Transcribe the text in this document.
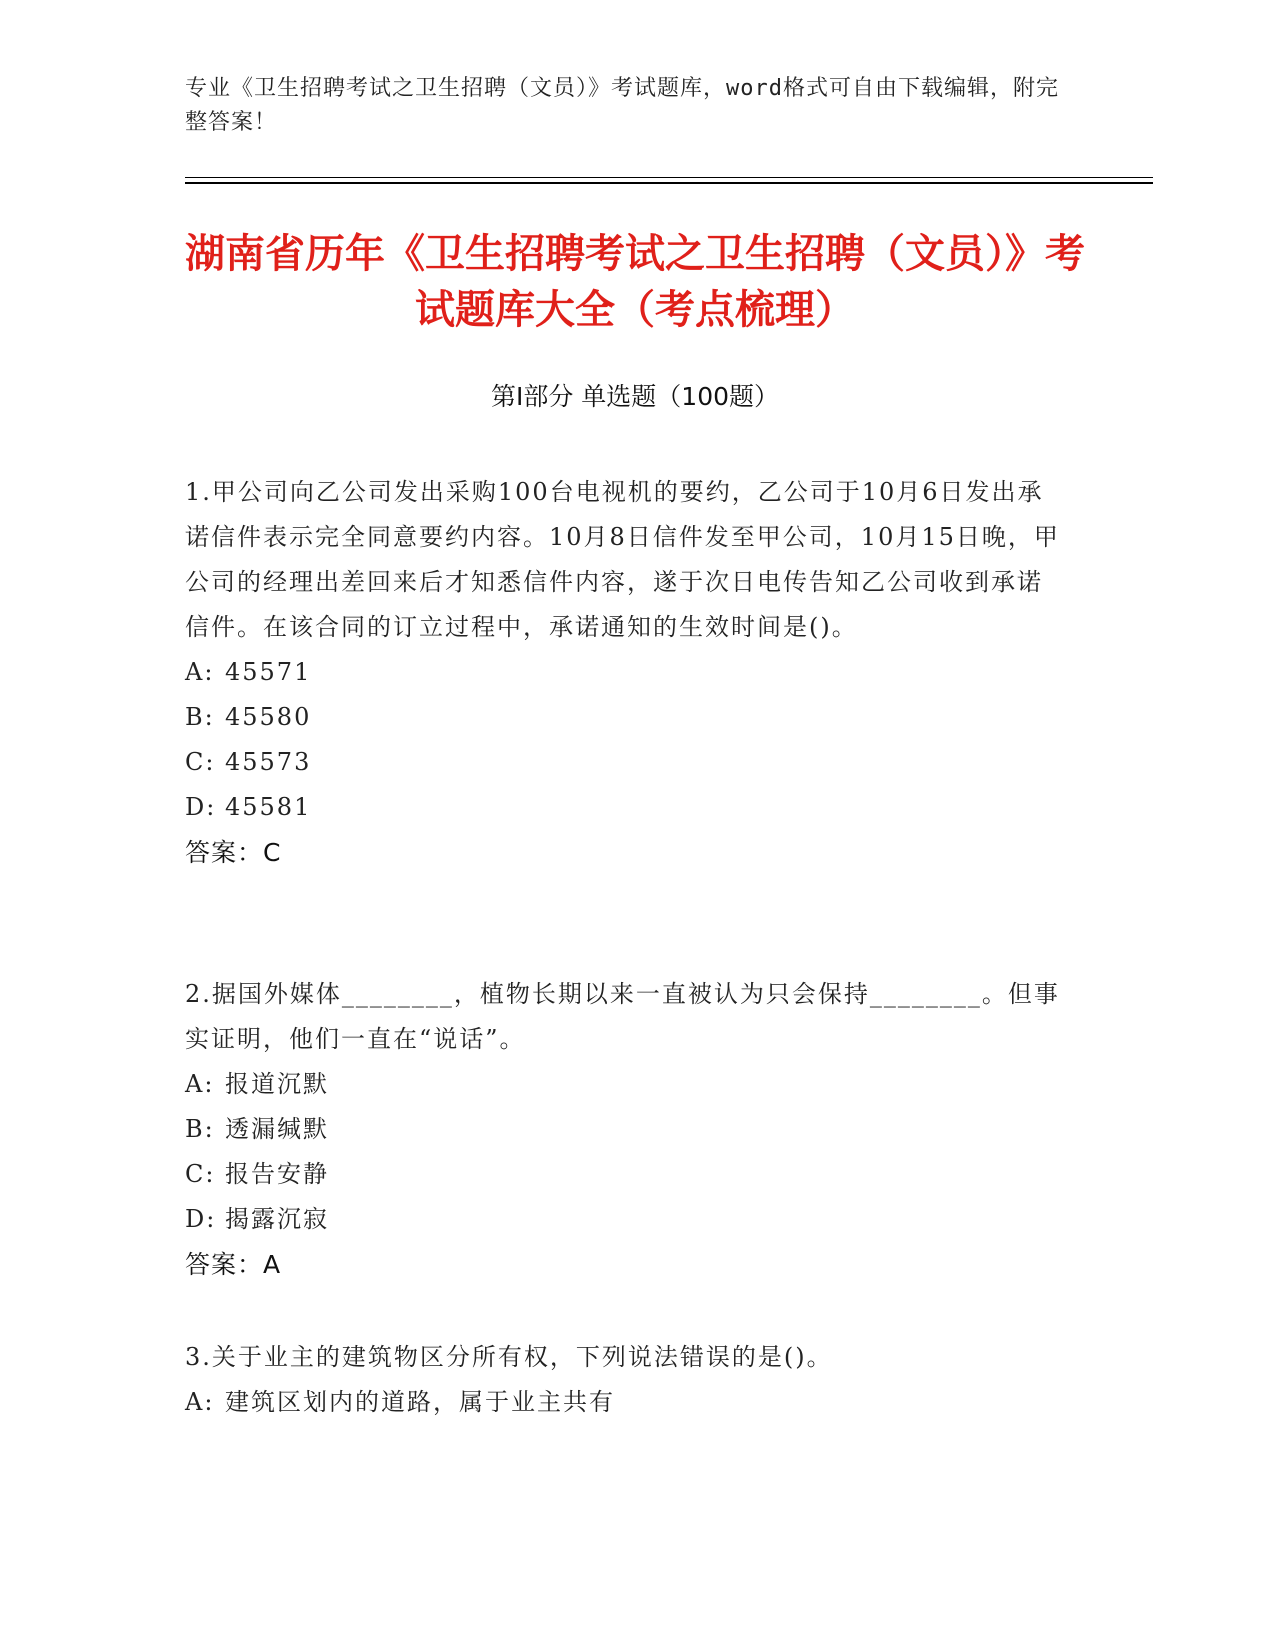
专业《卫生招聘考试之卫生招聘（文员）》考试题库，word格式可自由下载编辑，附完整答案！
湖南省历年《卫生招聘考试之卫生招聘（文员）》考试题库大全（考点梳理）
第Ⅰ部分 单选题（100题）

1.甲公司向乙公司发出采购100台电视机的要约，乙公司于10月6日发出承诺信件表示完全同意要约内容。10月8日信件发至甲公司，10月15日晚，甲公司的经理出差回来后才知悉信件内容，遂于次日电传告知乙公司收到承诺信件。在该合同的订立过程中，承诺通知的生效时间是()。

A: 45571

B: 45580

C: 45573

D: 45581

答案：C

2.据国外媒体________，植物长期以来一直被认为只会保持________。但事实证明，他们一直在“说话”。

A: 报道沉默

B: 透漏缄默

C: 报告安静

D: 揭露沉寂

答案：A

3.关于业主的建筑物区分所有权，下列说法错误的是()。

A: 建筑区划内的道路，属于业主共有
